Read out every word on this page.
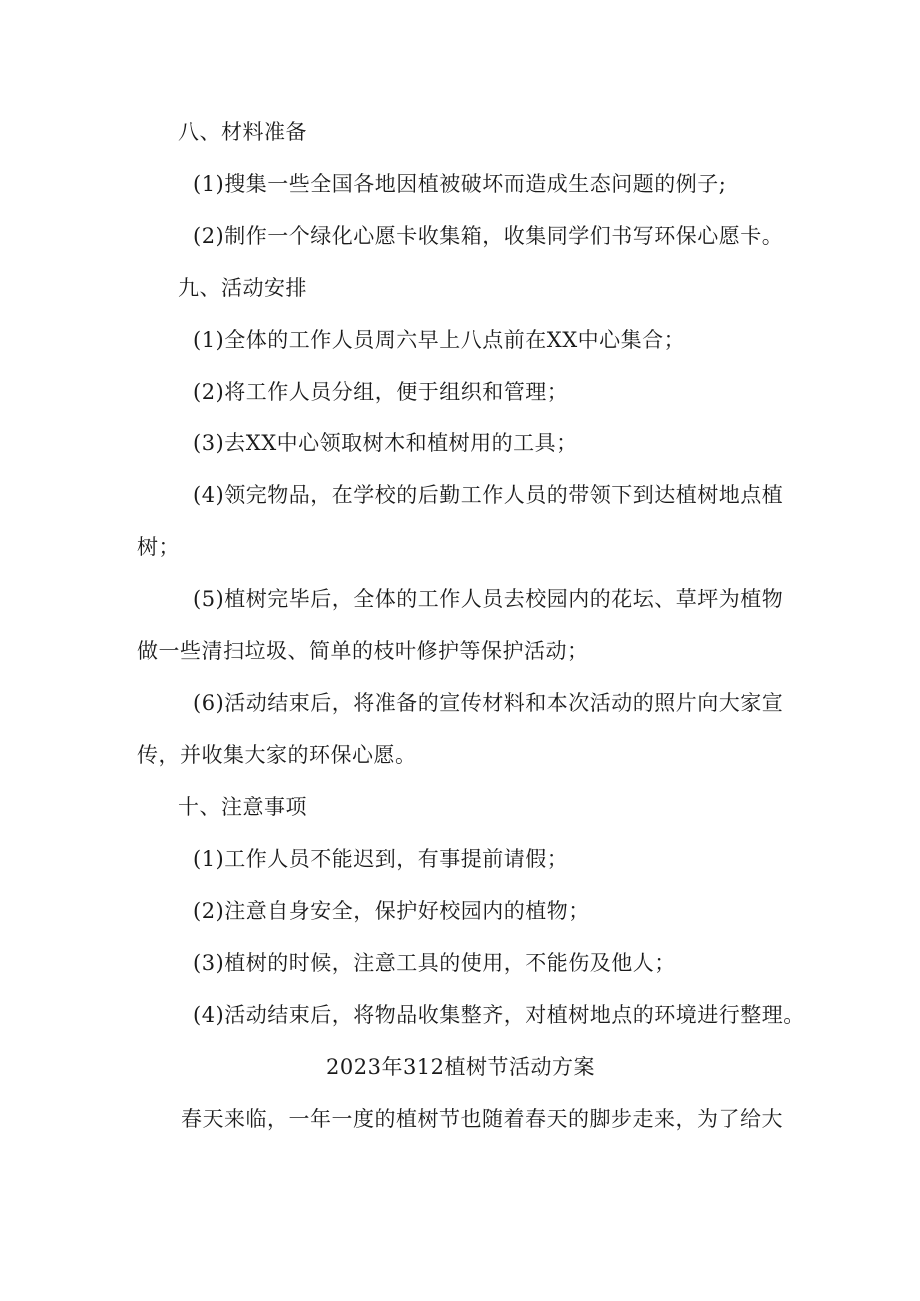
八、材料准备
(1)搜集一些全国各地因植被破坏而造成生态问题的例子;
(2)制作一个绿化心愿卡收集箱，收集同学们书写环保心愿卡。
九、活动安排
(1)全体的工作人员周六早上八点前在XX中心集合；
(2)将工作人员分组，便于组织和管理；
(3)去XX中心领取树木和植树用的工具；
(4)领完物品，在学校的后勤工作人员的带领下到达植树地点植
树；
(5)植树完毕后，全体的工作人员去校园内的花坛、草坪为植物
做一些清扫垃圾、简单的枝叶修护等保护活动；
(6)活动结束后，将准备的宣传材料和本次活动的照片向大家宣
传，并收集大家的环保心愿。
十、注意事项
(1)工作人员不能迟到，有事提前请假；
(2)注意自身安全，保护好校园内的植物；
(3)植树的时候，注意工具的使用，不能伤及他人；
(4)活动结束后，将物品收集整齐，对植树地点的环境进行整理。
2023年312植树节活动方案
春天来临，一年一度的植树节也随着春天的脚步走来，为了给大
